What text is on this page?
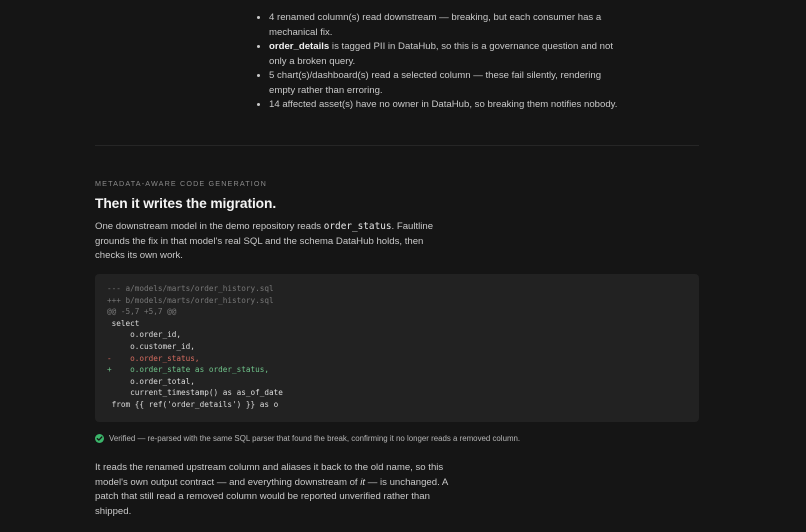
• 4 renamed column(s) read downstream — breaking, but each consumer has a mechanical fix.
• order_details is tagged PII in DataHub, so this is a governance question and not only a broken query.
• 5 chart(s)/dashboard(s) read a selected column — these fail silently, rendering empty rather than erroring.
• 14 affected asset(s) have no owner in DataHub, so breaking them notifies nobody.
METADATA-AWARE CODE GENERATION
Then it writes the migration.

One downstream model in the demo repository reads order_status. Faultline grounds the fix in that model's real SQL and the schema DataHub holds, then checks its own work.

--- a/models/marts/order_history.sql
+++ b/models/marts/order_history.sql
@@ -5,7 +5,7 @@
select
o.order_id,
o.customer_id,
-    o.order_status,
+    o.order_state as order_status,
o.order_total,
current_timestamp() as as_of_date
from {{ ref('order_details') }} as o
Verified — re-parsed with the same SQL parser that found the break, confirming it no longer reads a removed column.

It reads the renamed upstream column and aliases it back to the old name, so this model's own output contract — and everything downstream of it — is unchanged. A patch that still read a removed column would be reported unverified rather than shipped.
